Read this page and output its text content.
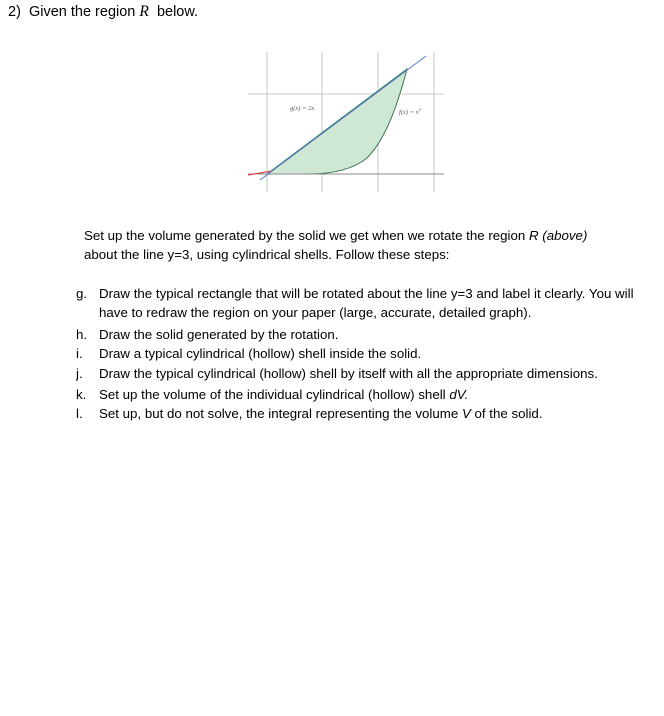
2) Given the region R below.
g(x) = 2x
$f(x) = x^3$
Set up the volume generated by the solid we get when we rotate the region R (above) about the line y=3, using cylindrical shells. Follow these steps:
g. Draw the typical rectangle that will be rotated about the line y=3 and label it clearly. You will have to redraw the region on your paper (large, accurate, detailed graph).
h. Draw the solid generated by the rotation.
i. Draw a typical cylindrical (hollow) shell inside the solid.
j. Draw the typical cylindrical (hollow) shell by itself with all the appropriate dimensions.
k. Set up the volume of the individual cylindrical (hollow) shell dV.
l. Set up, but do not solve, the integral representing the volume V of the solid.
